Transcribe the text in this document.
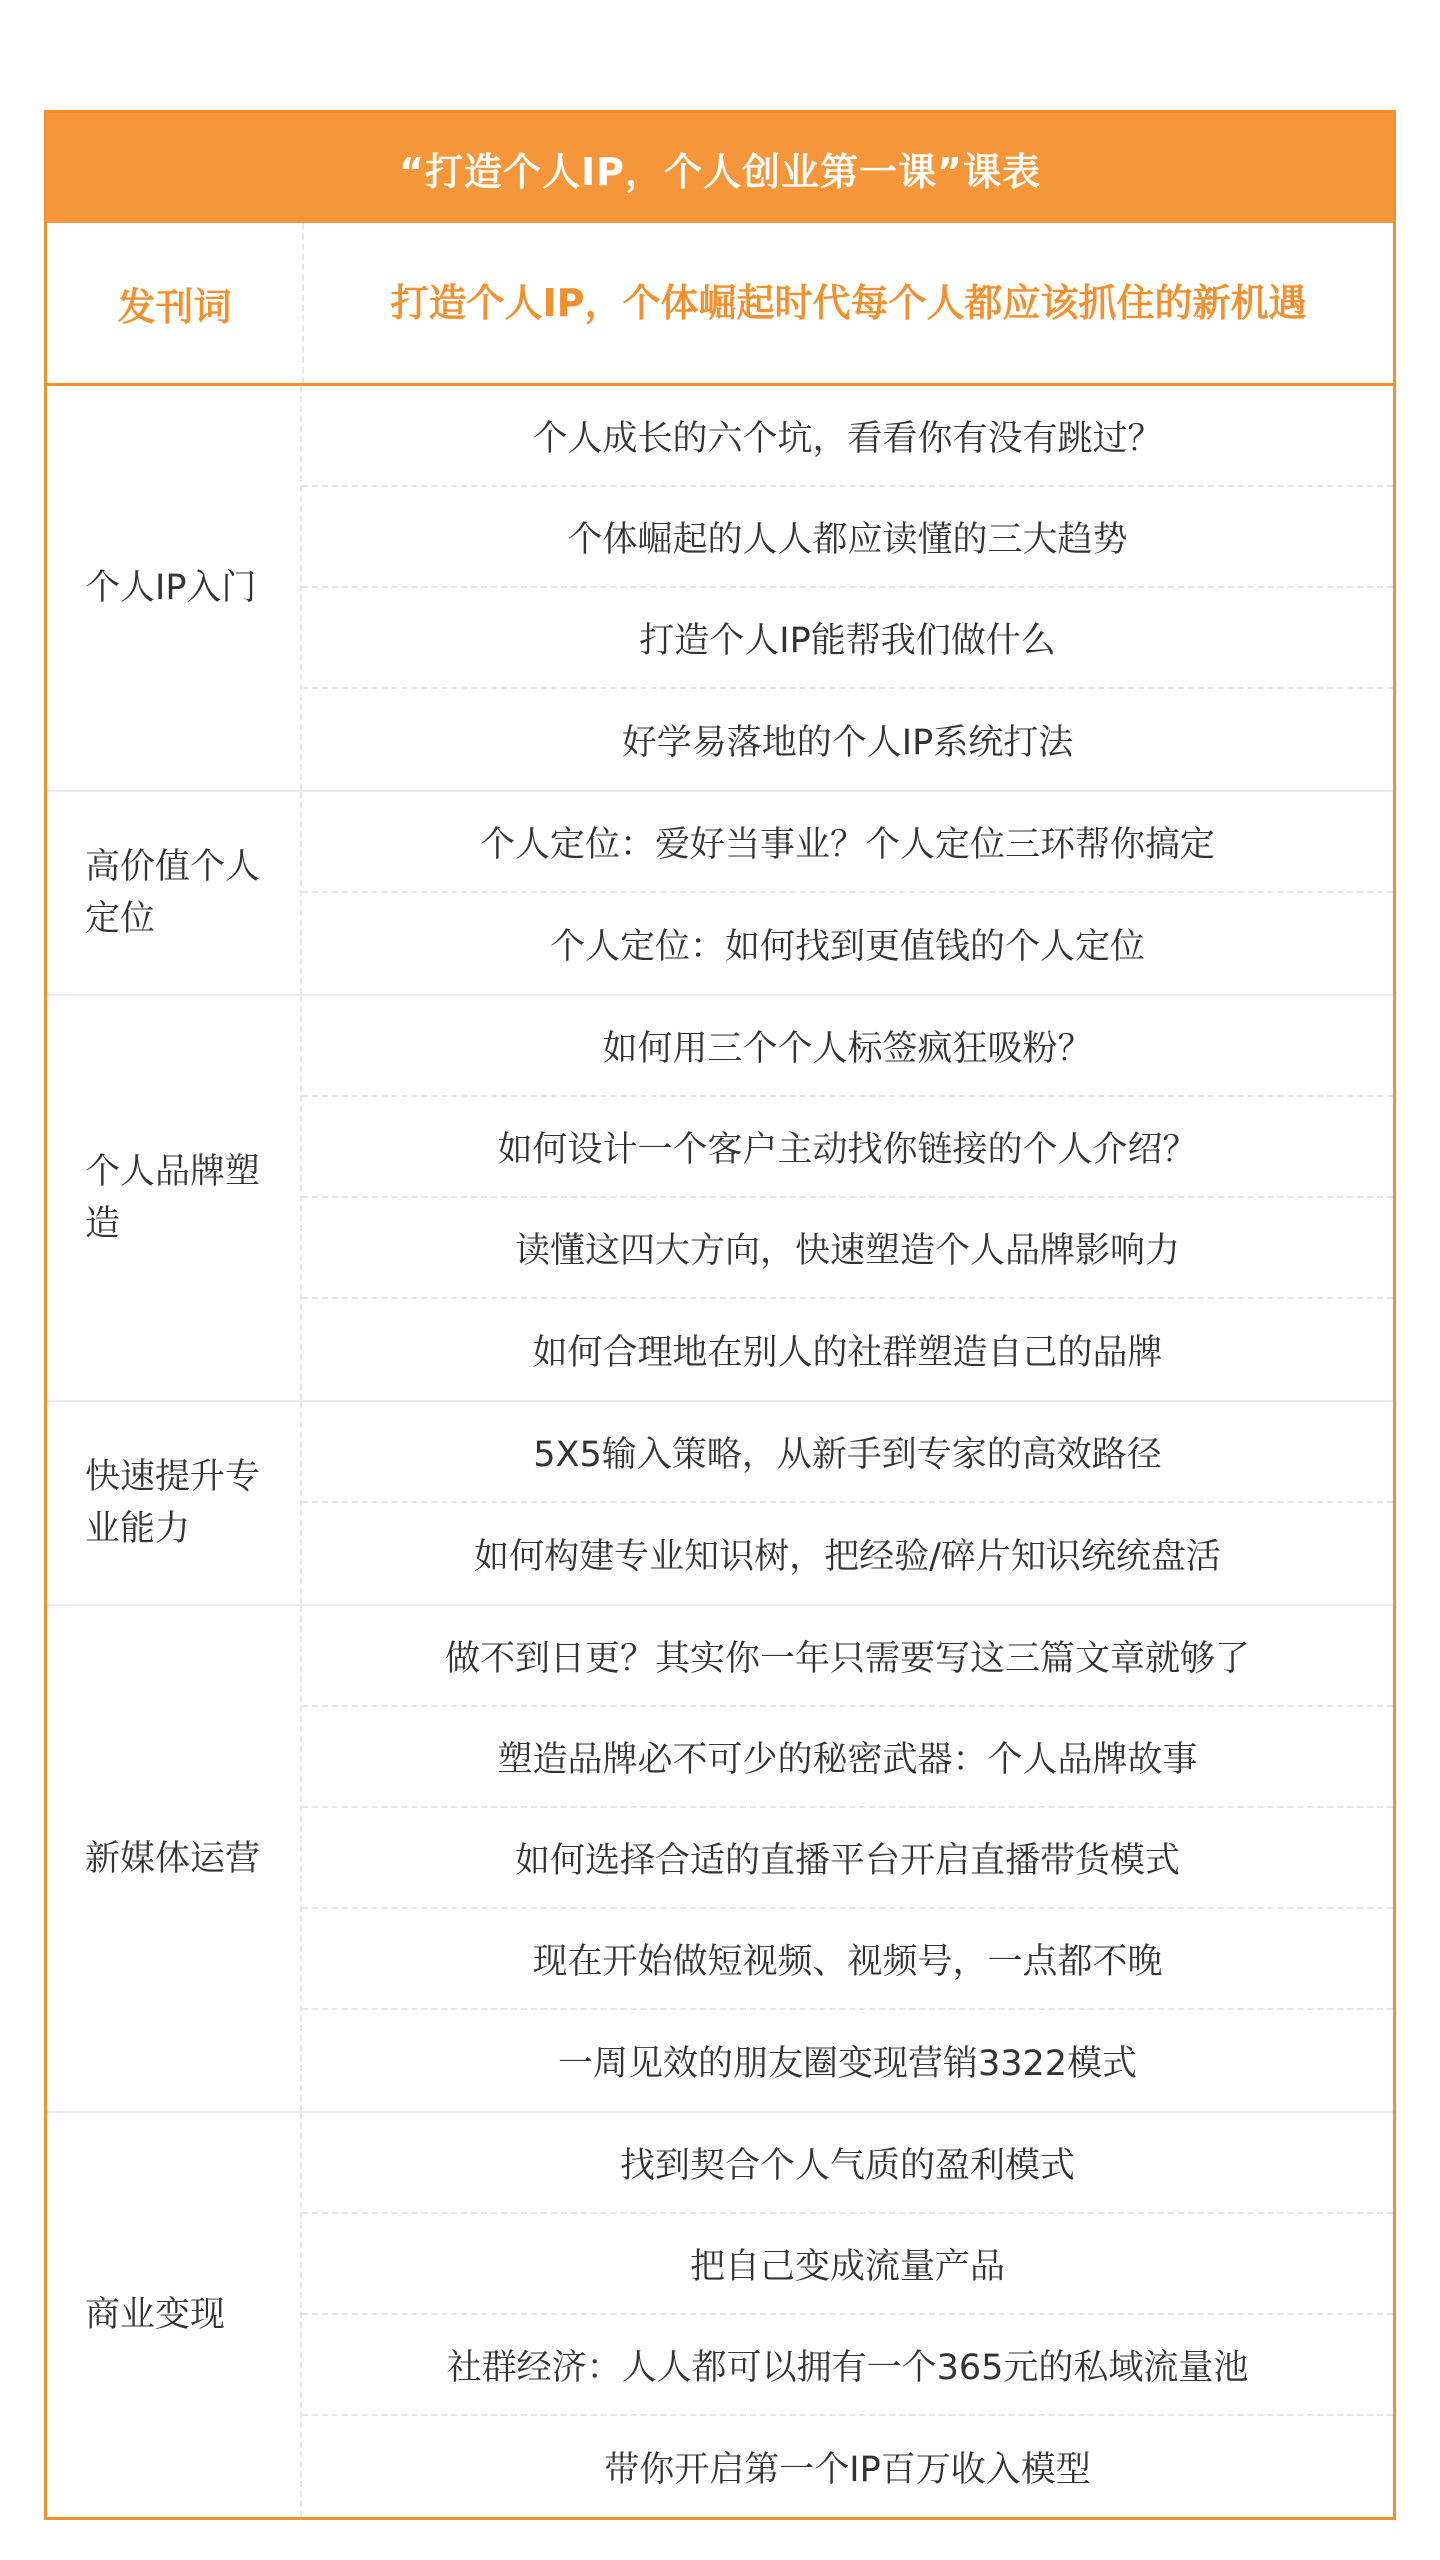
“打造个人IP，个人创业第一课”课表
发刊词	打造个人IP，个体崛起时代每个人都应该抓住的新机遇
个人IP入门
个人成长的六个坑，看看你有没有跳过？
个体崛起的人人都应读懂的三大趋势
打造个人IP能帮我们做什么
好学易落地的个人IP系统打法
高价值个人定位
个人定位：爱好当事业？个人定位三环帮你搞定
个人定位：如何找到更值钱的个人定位
个人品牌塑造
如何用三个个人标签疯狂吸粉？
如何设计一个客户主动找你链接的个人介绍？
读懂这四大方向，快速塑造个人品牌影响力
如何合理地在别人的社群塑造自己的品牌
快速提升专业能力
5X5输入策略，从新手到专家的高效路径
如何构建专业知识树，把经验/碎片知识统统盘活
新媒体运营
做不到日更？其实你一年只需要写这三篇文章就够了
塑造品牌必不可少的秘密武器：个人品牌故事
如何选择合适的直播平台开启直播带货模式
现在开始做短视频、视频号，一点都不晚
一周见效的朋友圈变现营销3322模式
商业变现
找到契合个人气质的盈利模式
把自己变成流量产品
社群经济：人人都可以拥有一个365元的私域流量池
带你开启第一个IP百万收入模型
